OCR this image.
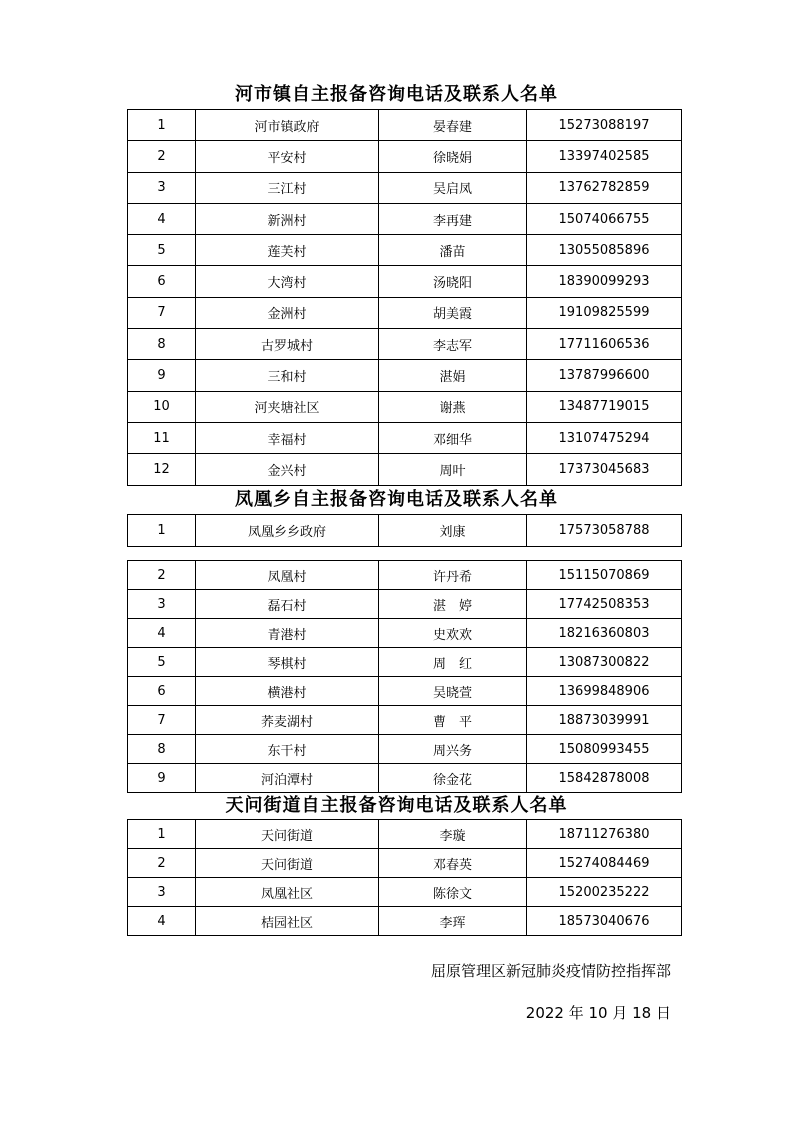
河市镇自主报备咨询电话及联系人名单
1	河市镇政府	晏春建	15273088197
2	平安村	徐晓娟	13397402585
3	三江村	吴启凤	13762782859
4	新洲村	李再建	15074066755
5	莲芙村	潘苗	13055085896
6	大湾村	汤晓阳	18390099293
7	金洲村	胡美霞	19109825599
8	古罗城村	李志军	17711606536
9	三和村	湛娟	13787996600
10	河夹塘社区	谢燕	13487719015
11	幸福村	邓细华	13107475294
12	金兴村	周叶	17373045683
凤凰乡自主报备咨询电话及联系人名单
1	凤凰乡乡政府	刘康	17573058788
2	凤凰村	许丹希	15115070869
3	磊石村	湛　婷	17742508353
4	青港村	史欢欢	18216360803
5	琴棋村	周　红	13087300822
6	横港村	吴晓萱	13699848906
7	荞麦湖村	曹　平	18873039991
8	东干村	周兴务	15080993455
9	河泊潭村	徐金花	15842878008
天问街道自主报备咨询电话及联系人名单
1	天问街道	李璇	18711276380
2	天问街道	邓春英	15274084469
3	凤凰社区	陈徐文	15200235222
4	桔园社区	李珲	18573040676
屈原管理区新冠肺炎疫情防控指挥部
2022 年 10 月 18 日
